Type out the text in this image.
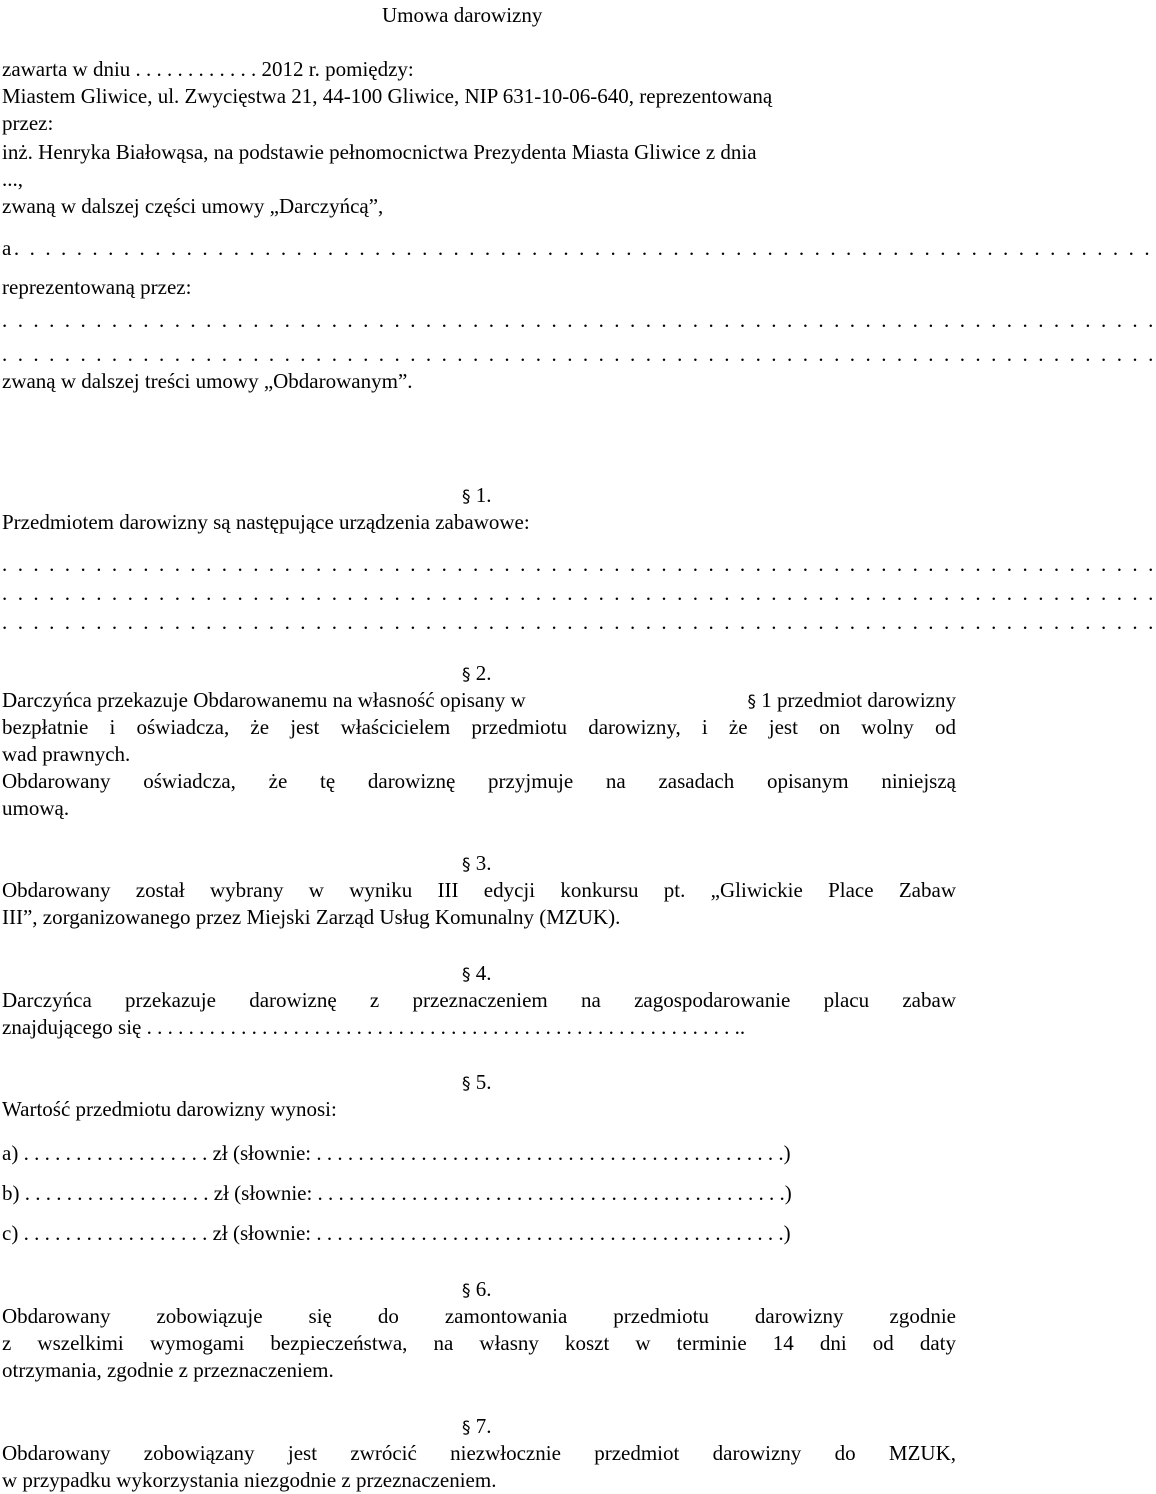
Umowa darowizny
zawarta w dniu . . . . . . . . . . . . 2012 r. pomiędzy:
Miastem Gliwice, ul. Zwycięstwa 21, 44-100 Gliwice, NIP 631-10-06-640, reprezentowaną
przez:
inż. Henryka Białowąsa, na podstawie pełnomocnictwa Prezydenta Miasta Gliwice z dnia
...,
zwaną w dalszej części umowy „Darczyńcą”,
a. . . . . . . . . . . . . . . . . . . . . . . . . . . . . . . . . . . . . . . . . . . . . . . . . . . . . . . . . . . . . . . . . . . . . . . . .
reprezentowaną przez:
. . . . . . . . . . . . . . . . . . . . . . . . . . . . . . . . . . . . . . . . . . . . . . . . . . . . . . . . . . . . . . . . . . . . . . . . . .
. . . . . . . . . . . . . . . . . . . . . . . . . . . . . . . . . . . . . . . . . . . . . . . . . . . . . . . . . . . . . . . . . . . . . . . . . .
zwaną w dalszej treści umowy „Obdarowanym”.
§ 1.
Przedmiotem darowizny są następujące urządzenia zabawowe:
. . . . . . . . . . . . . . . . . . . . . . . . . . . . . . . . . . . . . . . . . . . . . . . . . . . . . . . . . . . . . . . . . . . . . . . . . .
. . . . . . . . . . . . . . . . . . . . . . . . . . . . . . . . . . . . . . . . . . . . . . . . . . . . . . . . . . . . . . . . . . . . . . . . . .
. . . . . . . . . . . . . . . . . . . . . . . . . . . . . . . . . . . . . . . . . . . . . . . . . . . . . . . . . . . . . . . . . . . . . . . . . .
§ 2.
Darczyńca przekazuje Obdarowanemu na własność opisany w	§ 1 przedmiot darowizny
bezpłatnie i oświadcza, że jest właścicielem przedmiotu darowizny, i że jest on wolny od
wad prawnych.
Obdarowany oświadcza, że tę darowiznę przyjmuje na zasadach opisanym niniejszą
umową.
§ 3.
Obdarowany został wybrany w wyniku III edycji konkursu pt. „Gliwickie Place Zabaw
III”, zorganizowanego przez Miejski Zarząd Usług Komunalny (MZUK).
§ 4.
Darczyńca przekazuje darowiznę z przeznaczeniem na zagospodarowanie placu zabaw
znajdującego się . . . . . . . . . . . . . . . . . . . . . . . . . . . . . . . . . . . . . . . . . . . . . . . . . . . . . . . . ..
§ 5.
Wartość przedmiotu darowizny wynosi:
a) . . . . . . . . . . . . . . . . . . zł (słownie: . . . . . . . . . . . . . . . . . . . . . . . . . . . . . . . . . . . . . . . . . . . . .)
b) . . . . . . . . . . . . . . . . . . zł (słownie: . . . . . . . . . . . . . . . . . . . . . . . . . . . . . . . . . . . . . . . . . . . . .)
c) . . . . . . . . . . . . . . . . . . zł (słownie: . . . . . . . . . . . . . . . . . . . . . . . . . . . . . . . . . . . . . . . . . . . . .)
§ 6.
Obdarowany zobowiązuje się do zamontowania przedmiotu darowizny zgodnie
z wszelkimi wymogami bezpieczeństwa, na własny koszt w terminie 14 dni od daty
otrzymania, zgodnie z przeznaczeniem.
§ 7.
Obdarowany zobowiązany jest zwrócić niezwłocznie przedmiot darowizny do MZUK,
w przypadku wykorzystania niezgodnie z przeznaczeniem.
